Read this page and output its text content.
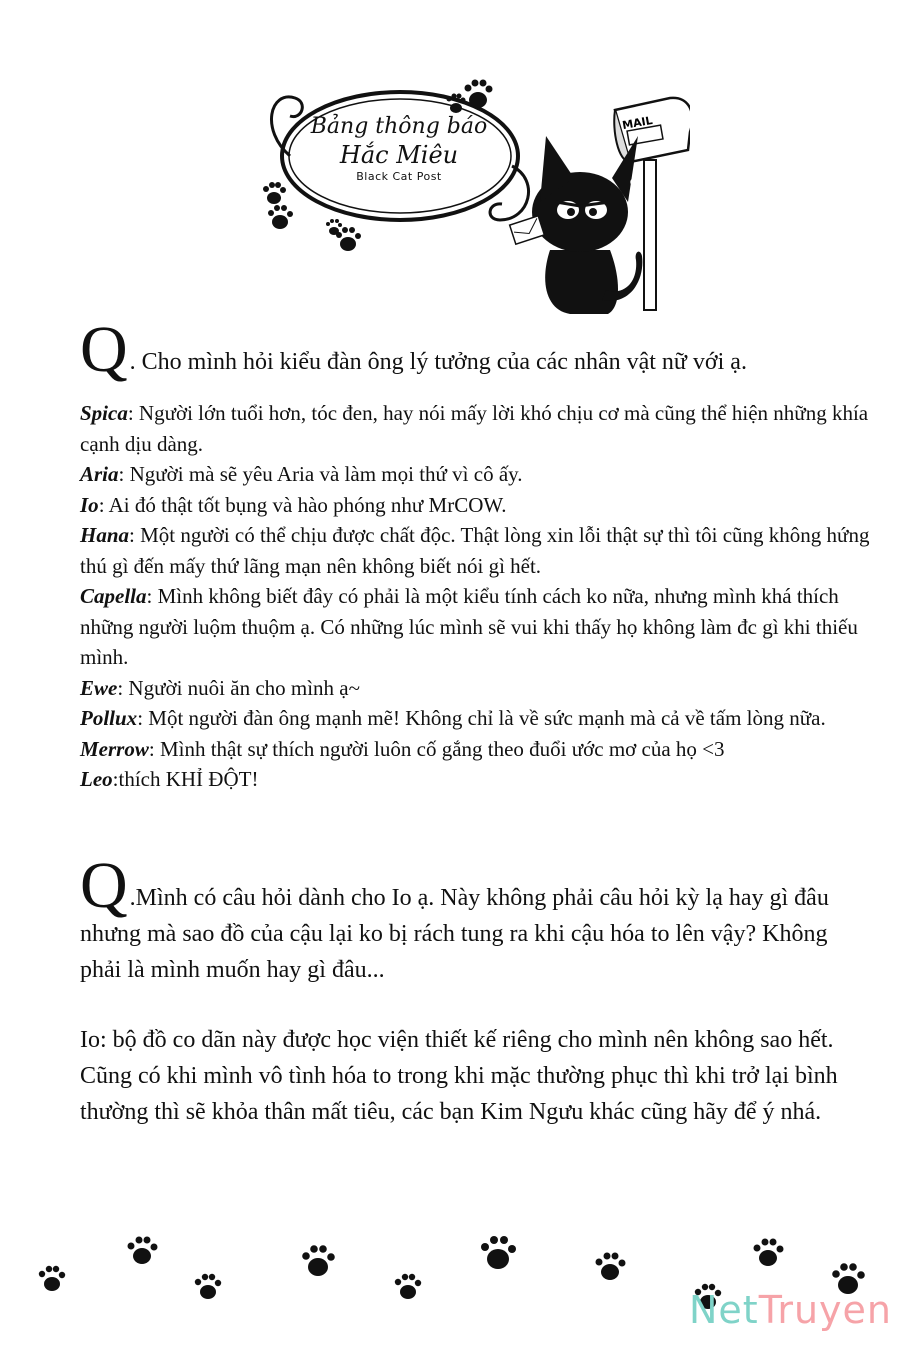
MAIL
Bảng thông báo
Hắc Miêu
Black Cat Post
Q . Cho mình hỏi kiểu đàn ông lý tưởng của các nhân vật nữ với ạ.

Spica: Người lớn tuổi hơn, tóc đen, hay nói mấy lời khó chịu cơ mà cũng thể hiện những khía cạnh dịu dàng.

Aria: Người mà sẽ yêu Aria và làm mọi thứ vì cô ấy.

Io: Ai đó thật tốt bụng và hào phóng như MrCOW.

Hana: Một người có thể chịu được chất độc. Thật lòng xin lỗi thật sự thì tôi cũng không hứng thú gì đến mấy thứ lãng mạn nên không biết nói gì hết.

Capella: Mình không biết đây có phải là một kiểu tính cách ko nữa, nhưng mình khá thích những người luộm thuộm ạ. Có những lúc mình sẽ vui khi thấy họ không làm đc gì khi thiếu mình.

Ewe: Người nuôi ăn cho mình ạ~

Pollux: Một người đàn ông mạnh mẽ! Không chỉ là về sức mạnh mà cả về tấm lòng nữa.

Merrow: Mình thật sự thích người luôn cố gắng theo đuổi ước mơ của họ <3

Leo:thích KHỈ ĐỘT!

Q .Mình có câu hỏi dành cho Io ạ. Này không phải câu hỏi kỳ lạ hay gì đâu nhưng mà sao đồ của cậu lại ko bị rách tung ra khi cậu hóa to lên vậy? Không phải là mình muốn hay gì đâu...
Io: bộ đồ co dãn này được học viện thiết kế riêng cho mình nên không sao hết. Cũng có khi mình vô tình hóa to trong khi mặc thường phục thì khi trở lại bình thường thì sẽ khỏa thân mất tiêu, các bạn Kim Ngưu khác cũng hãy để ý nhá.
NetTruyen
